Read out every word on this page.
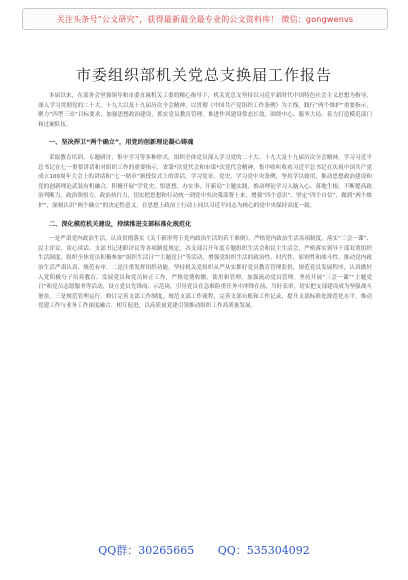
关注头条号“公文研究”，获得最新最全最专业的公文资料库！ 微信：gongwenvs
市委组织部机关党总支换届工作报告

本届以来，在部务会坚强领导和市委直属机关工委的精心指导下，机关党总支坚持以习近平新时代中国特色社会主义思想为指导，深入学习贯彻党的二十大、十九大以及十九届历次全会精神，以贯彻《中国共产党组织工作条例》为主线，践行“两个维护”重要指示，聚力“四型三出”目标要求，加强思想政治建设，抓实党员教育管理，推进作风建设常态长效，围绕中心、服务大局，着力打造模范部门和过硬队伍。

一、坚决捍卫“两个确立”，用党的创新理论凝心铸魂

采取教育培训、专题研讨、集中学习等多种形式，组织全体党员深入学习党的二十大、十九大及十九届历次全会精神，学习习近平总书记在七一重要讲话和对组织工作的重要指示，省第*次党代会和市第*次党代会精神，集中收听收看习近平总书记在庆祝中国共产党成立100周年大会上的讲话和“七一勋章”颁授仪式上的讲话，学习党章、党史、学习党中央条例，坚持学以致用，推动思想政治建设和党的创新理论武装有机融合，积极开展“学党史、悟思想、办实事、开新局”主题实践，推动理论学习入脑入心、落地生根，不断提高政治判断力、政治领悟力、政治执行力，切实把思想和行动统一到党中央决策部署上来，增强“四个意识”、坚定“四个自信”、做到“两个维护”，深刻认识“两个确立”的决定性意义，在思想上政治上行动上同以习近平同志为核心的党中央保持高度一致。

二、深化模范机关建设，持续推进支部标准化规范化

一是严肃党内政治生活。认真贯彻落实《关于新形势下党内政治生活的若干准则》，严格党内政治生活各项制度，落实“三会一课”、民主评议、谈心谈话、支部书记述职评议等各项制度规定。各支部召开年度专题组织生活会和民主生活会，严格落实领导干部双重组织生活制度。组织全体党员积极参加“组织生活日”“主题党日”等活动，增强党组织生活的政治性、时代性、原则性和战斗性，推动党内政治生活严肃认真、规范有序。二是注重发挥组织功能。坚持机关党组织从严从实抓好党员教育管理监督，规范党员发展程序，认真做好入党积极分子培养教育、发展党员和党员转正工作，严格党费收缴、使用和管理，加强流动党员管理。坚持开展“三会一课”“主题党日”和党员志愿服务等活动，设立党员先锋岗、示范岗，引导党员在急难险重任务中冲锋在前、当好表率，切实把支部建设成为坚强战斗堡垒。三是规范管理运行。修订完善支部工作制度，规范支部工作流程，完善支部台账和工作记录，提升支部标准化规范化水平，推动党建工作与业务工作深度融合、相互促进，以高质量党建引领推动组织工作高质量发展。

QQ群：30265665 QQ：535304092
